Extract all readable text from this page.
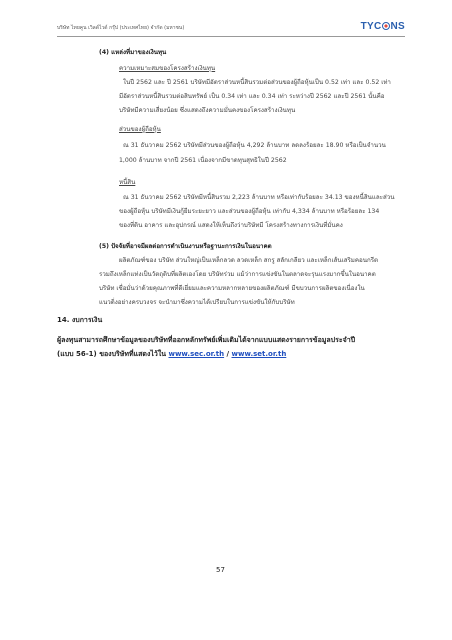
บริษัท ไทยคูน เวิลด์ไวด์ กรุ๊ป (ประเทศไทย) จำกัด (มหาชน)	TYC NS
(4) แหล่งที่มาของเงินทุน
ความเหมาะสมของโครงสร้างเงินทุน
ในปี 2562 และ ปี 2561 บริษัทมีอัตราส่วนหนี้สินรวมต่อส่วนของผู้ถือหุ้นเป็น 0.52 เท่า และ 0.52 เท่า
มีอัตราส่วนหนี้สินรวมต่อสินทรัพย์ เป็น 0.34 เท่า และ 0.34 เท่า ระหว่างปี 2562 และปี 2561 นั้นคือ
บริษัทมีความเสี่ยงน้อย ซึ่งแสดงถึงความมั่นคงของโครงสร้างเงินทุน
ส่วนของผู้ถือหุ้น
ณ 31 ธันวาคม 2562 บริษัทมีส่วนของผู้ถือหุ้น 4,292 ล้านบาท ลดลงร้อยละ 18.90 หรือเป็นจำนวน
1,000 ล้านบาท จากปี 2561 เนื่องจากมีขาดทุนสุทธิในปี 2562
หนี้สิน
ณ 31 ธันวาคม 2562 บริษัทมีหนี้สินรวม 2,223 ล้านบาท หรือเท่ากับร้อยละ 34.13 ของหนี้สินและส่วน
ของผู้ถือหุ้น บริษัทมีเงินกู้ยืมระยะยาว และส่วนของผู้ถือหุ้น เท่ากับ 4,334 ล้านบาท หรือร้อยละ 134
ของที่ดิน อาคาร และอุปกรณ์ แสดงให้เห็นถึงว่าบริษัทมี โครงสร้างทางการเงินที่มั่นคง
(5) ปัจจัยที่อาจมีผลต่อการดำเนินงานหรือฐานะการเงินในอนาคต
ผลิตภัณฑ์ของ บริษัท ส่วนใหญ่เป็นเหล็กลวด ลวดเหล็ก สกรู สลักเกลียว และเหล็กเส้นเสริมคอนกรีต
รวมถึงเหล็กแท่งเป็นวัตถุดิบที่ผลิตเองโดย บริษัทร่วม แม้ว่าการแข่งขันในตลาดจะรุนแรงมากขึ้นในอนาคต
บริษัท เชื่อมั่นว่าด้วยคุณภาพที่ดีเยี่ยมและความหลากหลายของผลิตภัณฑ์ มีขบวนการผลิตของเนื่องใน
แนวดิ่งอย่างครบวงจร จะนำมาซึ่งความได้เปรียบในการแข่งขันให้กับบริษัท
14. งบการเงิน
ผู้ลงทุนสามารถศึกษาข้อมูลของบริษัทที่ออกหลักทรัพย์เพิ่มเติมได้จากแบบแสดงรายการข้อมูลประจำปี
(แบบ 56-1) ของบริษัทที่แสดงไว้ใน www.sec.or.th / www.set.or.th
57
